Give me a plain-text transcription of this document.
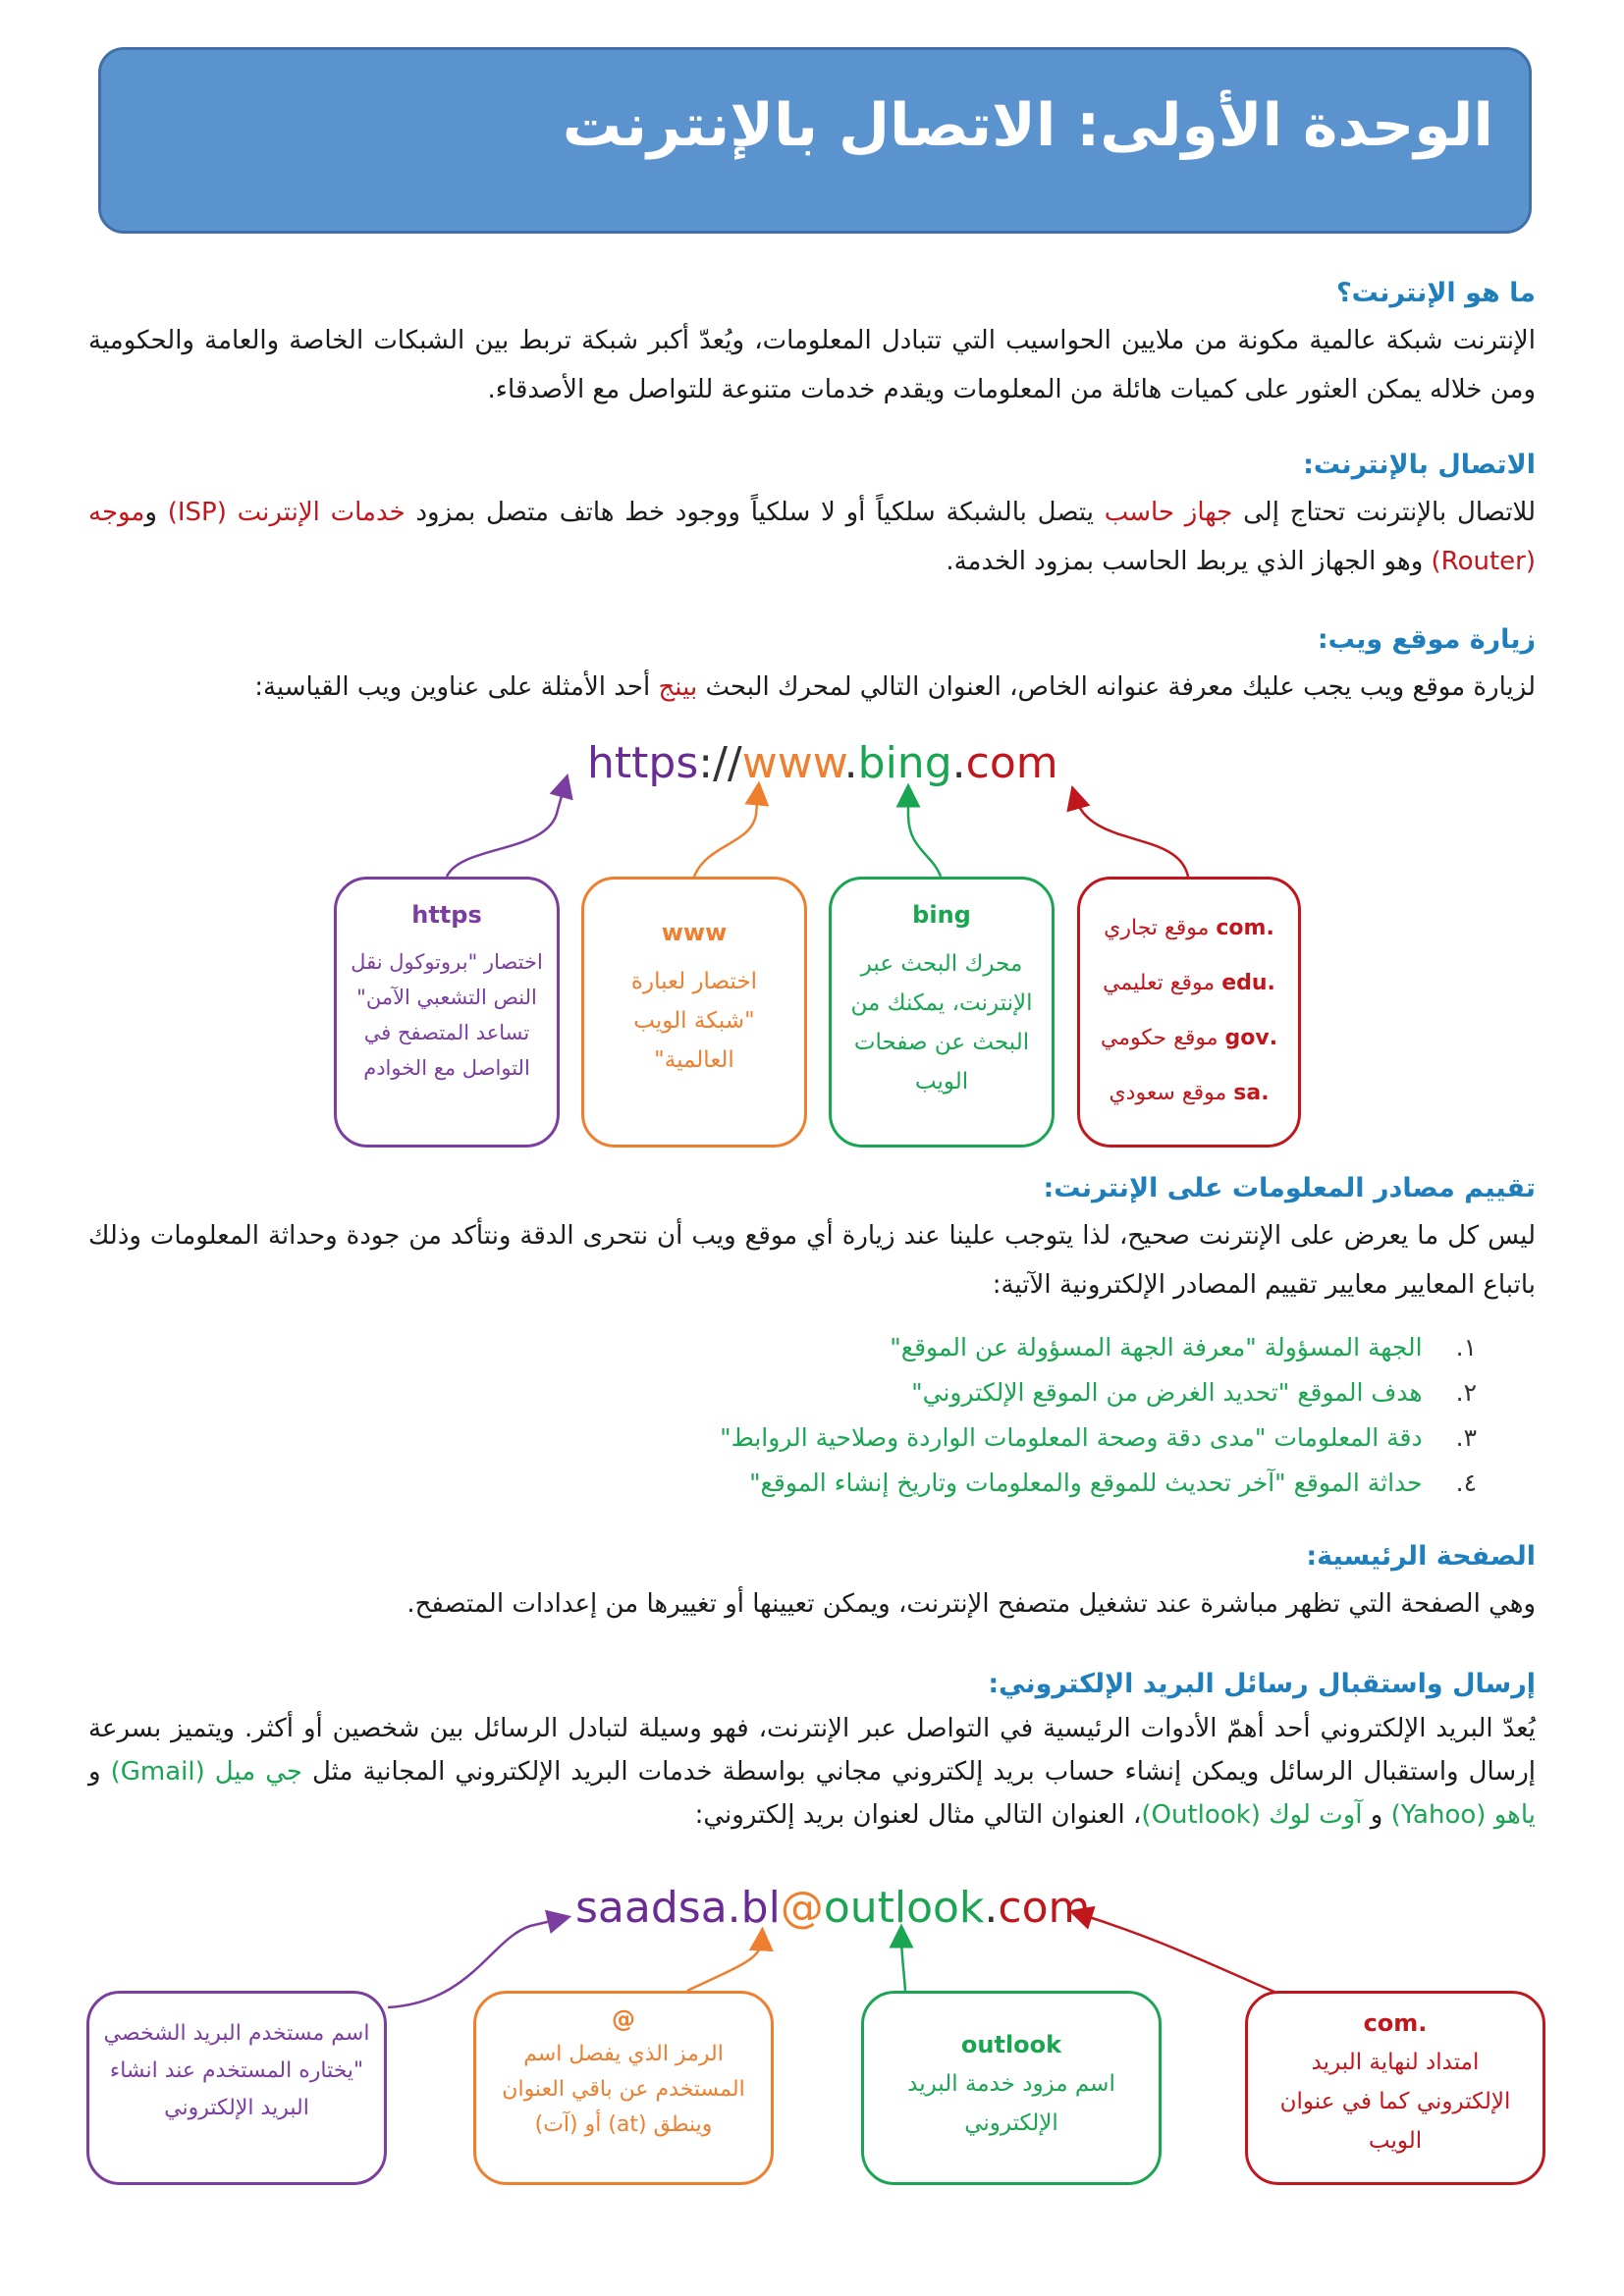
الوحدة الأولى: الاتصال بالإنترنت
ما هو الإنترنت؟

الإنترنت شبكة عالمية مكونة من ملايين الحواسيب التي تتبادل المعلومات، ويُعدّ أكبر شبكة تربط بين الشبكات الخاصة والعامة والحكومية ومن خلاله يمكن العثور على كميات هائلة من المعلومات ويقدم خدمات متنوعة للتواصل مع الأصدقاء.

الاتصال بالإنترنت:

للاتصال بالإنترنت تحتاج إلى جهاز حاسب يتصل بالشبكة سلكياً أو لا سلكياً ووجود خط هاتف متصل بمزود خدمات الإنترنت (ISP) وموجه (Router) وهو الجهاز الذي يربط الحاسب بمزود الخدمة.

زيارة موقع ويب:

لزيارة موقع ويب يجب عليك معرفة عنوانه الخاص، العنوان التالي لمحرك البحث بينج أحد الأمثلة على عناوين ويب القياسية:

https://www.bing.com
https
اختصار "بروتوكول نقل النص التشعبي الآمن" تساعد المتصفح في التواصل مع الخوادم
www
اختصار لعبارة "شبكة الويب العالمية"
bing
محرك البحث عبر الإنترنت، يمكنك من البحث عن صفحات الويب
.com موقع تجاري
.edu موقع تعليمي
.gov موقع حكومي
.sa موقع سعودي
تقييم مصادر المعلومات على الإنترنت:

ليس كل ما يعرض على الإنترنت صحيح، لذا يتوجب علينا عند زيارة أي موقع ويب أن نتحرى الدقة ونتأكد من جودة وحداثة المعلومات وذلك باتباع المعايير معايير تقييم المصادر الإلكترونية الآتية:

١.الجهة المسؤولة "معرفة الجهة المسؤولة عن الموقع"
٢.هدف الموقع "تحديد الغرض من الموقع الإلكتروني"
٣.دقة المعلومات "مدى دقة وصحة المعلومات الواردة وصلاحية الروابط"
٤.حداثة الموقع "آخر تحديث للموقع والمعلومات وتاريخ إنشاء الموقع"
الصفحة الرئيسية:

وهي الصفحة التي تظهر مباشرة عند تشغيل متصفح الإنترنت، ويمكن تعيينها أو تغييرها من إعدادات المتصفح.

إرسال واستقبال رسائل البريد الإلكتروني:

يُعدّ البريد الإلكتروني أحد أهمّ الأدوات الرئيسية في التواصل عبر الإنترنت، فهو وسيلة لتبادل الرسائل بين شخصين أو أكثر. ويتميز بسرعة إرسال واستقبال الرسائل ويمكن إنشاء حساب بريد إلكتروني مجاني بواسطة خدمات البريد الإلكتروني المجانية مثل جي ميل (Gmail) و ياهو (Yahoo) و آوت لوك (Outlook)، العنوان التالي مثال لعنوان بريد إلكتروني:

saadsa.bl@outlook.com
اسم مستخدم البريد الشخصي "يختاره المستخدم عند انشاء البريد الإلكتروني
@
الرمز الذي يفصل اسم المستخدم عن باقي العنوان وينطق (at) أو (آت)
outlook
اسم مزود خدمة البريد الإلكتروني
.com
امتداد لنهاية البريد الإلكتروني كما في عنوان الويب
